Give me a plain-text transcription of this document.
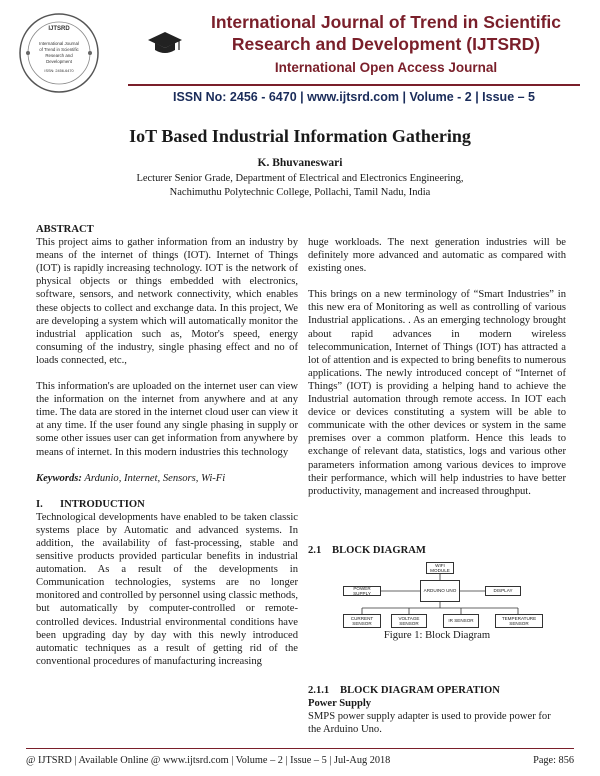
IJTSRD
International Journal
of Trend in Scientific
Research and
Development
ISSN: 2456-6470
International Journal of Trend in Scientific
Research and Development (IJTSRD)
International Open Access Journal
ISSN No: 2456 - 6470 | www.ijtsrd.com | Volume - 2 | Issue – 5
IoT Based Industrial Information Gathering
K. Bhuvaneswari
Lecturer Senior Grade, Department of Electrical and Electronics Engineering,
Nachimuthu Polytechnic College, Pollachi, Tamil Nadu, India
ABSTRACT

This project aims to gather information from an industry by means of the internet of things (IOT). Internet of Things (IOT) is rapidly increasing technology. IOT is the network of physical objects or things embedded with electronics, software, sensors, and network connectivity, which enables these objects to collect and exchange data. In this project, We are developing a system which will automatically monitor the industrial application such as, Motor's speed, energy consuming of the industry, single phasing effect and no of loads connected, etc.,

This information's are uploaded on the internet user can view the information on the internet from anywhere and at any time. The data are stored in the internet cloud user can view it at any time. If the user found any single phasing in supply or some other issues user can get information from anywhere by means of internet. In this modern industries this technology

Keywords: Ardunio, Internet, Sensors, Wi-Fi

I. INTRODUCTION

Technological developments have enabled to be taken classic systems place by Automatic and advanced systems. In addition, the availability of fast-processing, stable and sensitive products provided particular benefits in industrial automation. As a result of the developments in Communication technologies, systems are no longer monitored and controlled by personnel using classic methods, but automatically by computer-controlled or remote-controlled devices. Industrial environmental conditions have been upgrading day by day with this newly introduced automatic techniques as a result of getting rid of the conventional procedures of manufacturing increasing

huge workloads. The next generation industries will be definitely more advanced and automatic as compared with existing ones.

This brings on a new terminology of “Smart Industries” in this new era of Monitoring as well as controlling of various Industrial applications. . As an emerging technology brought about rapid advances in modern wireless telecommunication, Internet of Things (IOT) has attracted a lot of attention and is expected to bring benefits to numerous applications. The newly introduced concept of “Internet of Things” (IOT) is providing a helping hand to achieve the Industrial automation through remote access. In IOT each device or devices constituting a system will be able to communicate with the other devices or system in the same premises over a common platform. Hence this leads to exchange of relevant data, statistics, logs and various other parameters information among various devices to improve their performance, which will help industries to have better productivity, management and increased throughput.

2.1 BLOCK DIAGRAM
WIFI MODULE
POWER SUPPLY
ARDUINO UNO	DISPLAY
CURRENT SENSOR
VOLTAGE SENSOR
IR SENSOR
TEMPERATURE SENSOR
Figure 1: Block Diagram
2.1.1 BLOCK DIAGRAM OPERATION
Power Supply
SMPS power supply adapter is used to provide power for the Arduino Uno.
@ IJTSRD | Available Online @ www.ijtsrd.com | Volume – 2 | Issue – 5 | Jul-Aug 2018	Page: 856
